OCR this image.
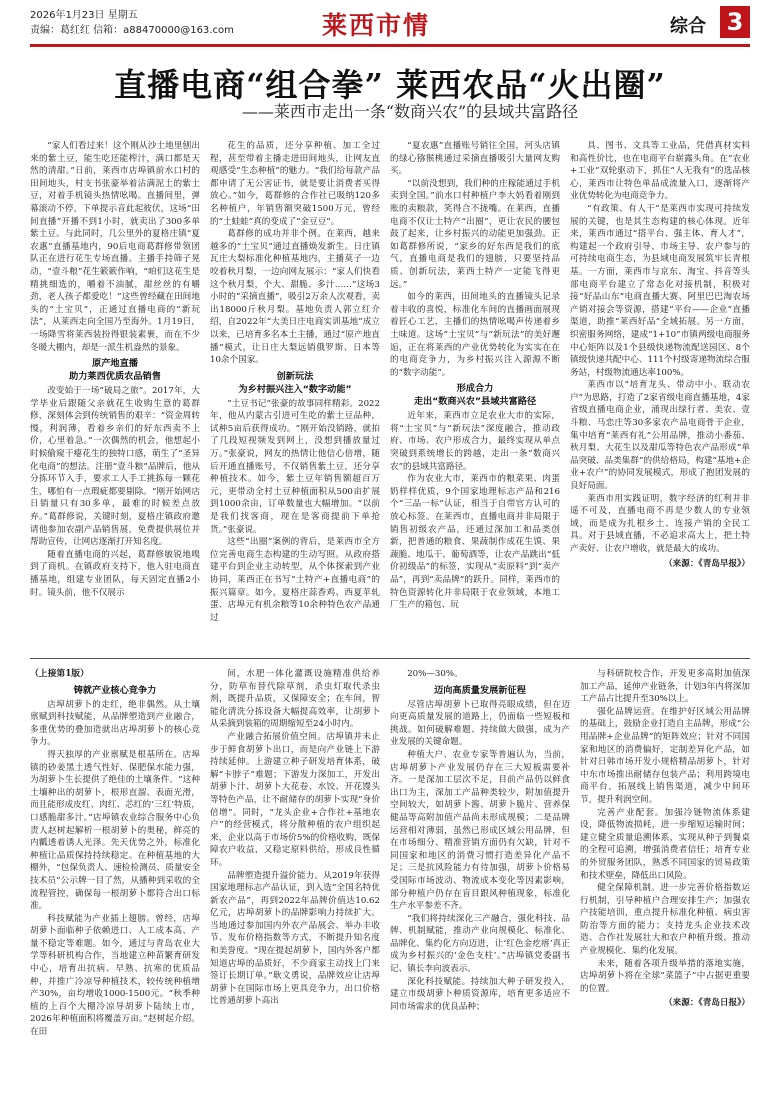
2026年1月23日 星期五
责编：葛红红 信箱：a88470000@163.com	莱西市情	综合 3
直播电商“组合拳” 莱西农品“火出圈”
——莱西市走出一条“数商兴农”的县域共富路径

“家人们看过来！这个刚从沙土地里刨出来的紫土豆，能生吃还能榨汁，满口都是天然的清甜。”日前，莱西市店埠镇前水口村的田间地头，村支书张豪举着沾满泥土的紫土豆，对着手机镜头热情吆喝。直播间里，弹幕滚动不停，下单提示音此起彼伏，这场“田间直播”开播不到1小时，就卖出了300多单紫土豆。与此同时，几公里外的夏格庄镇“夏农惠”直播基地内，90后电商葛群修带领团队正在进行花生专场直播。主播手持筛子晃动，“壹斗粮”花生簌簌作响，“咱们这花生是精挑细选的，嚼着不油腻，甜丝丝的有嚼劲，老人孩子都爱吃！”这些曾经藏在田间地头的“土宝贝”，正通过直播电商的“新玩法”，从莱西走向全国乃至海外。1月19日，一场降雪将莱西装扮得银装素裹，而在不少冬暖大棚内，却是一派生机盎然的景象。

原产地直播
助力莱西优质农品销售

改变始于一场“破局之旅”。2017年，大学毕业后跟随父亲就花生收购生意的葛群修，深刻体会到传统销售的艰辛：“资金周转慢，利润薄，看着乡亲们的好东西卖不上价，心里着急。”一次偶然的机会，他想起小时候偷窥干瘪花生的独特口感，萌生了“圣异化电商”的想法。注册“壹斗粮”品牌后，他从分拣环节入手，要求工人手工挑拣每一颗花生，哪怕有一点瑕疵都要剔除。“刚开始网店日销量只有30多单，最难的时候差点放弃。”葛群修说，关键时刻，夏格庄镇政府邀请他参加农副产品销售展，免费提供展位并帮助宣传，让网店逐渐打开知名度。

随着直播电商的兴起，葛群修敏锐地嗅到了商机。在镇政府支持下，他入驻电商直播基地，组建专业团队，每天固定直播2小时。镜头前，他不仅展示

花生的品质，还分享种植、加工全过程，甚至带着主播走进田间地头，让网友直观感受“生态种植”的魅力。“我们给每款产品都申请了无公害证书，就是要让消费者买得放心。”如今，葛群修的合作社已吸纳120多名种植户，年销售额突破1500万元，曾经的“土蛙蛙”真的变成了“金豆豆”。

葛群修的成功并非个例。在莱西，越来越多的“土宝贝”通过直播焕发新生。日庄镇瓦庄大梨标准化种植基地内，主播莫子一边咬着秋月梨，一边向网友展示：“家人们快看这个秋月梨，个大、甜脆、多汁……”这场3小时的“采摘直播”，吸引2万余人次观看，卖出18000斤秋月梨。基地负责人郭立红介绍，自2022年“大美日庄电商实训基地”成立以来，已培育多名本土主播，通过“原产地直播”模式，让日庄大梨远销俄罗斯、日本等10余个国家。

创新玩法
为乡村振兴注入“数字动能”

“土豆书记”张豪的故事同样精彩。2022年，他从内蒙古引进可生吃的紫土豆品种，试种5亩后获得成功。“刚开始没销路，就拍了几段短视频发到网上，没想到播放量过万。”张豪说，网友的热情让他信心倍增，随后开通直播账号，不仅销售紫土豆，还分享种植技术。如今，紫土豆年销售额超百万元，更带动全村土豆种植面积从500亩扩展到1000余亩，订单数量也大幅增加。“以前是我们找客商，现在是客商提前下单抢货。”张豪说。

这些“出圈”案例的背后，是莱西市全方位完善电商生态构建的生动写照。从政府搭建平台到企业主动转型，从个体探索到产业协同，莱西正在书写“土特产+直播电商”的振兴篇章。如今，夏格庄蒜香鸡、西夏苹轧蛋、店埠元有机余粮等10余种特色农产品通过

“夏农惠”直播账号销往全国，河头店镇的绿心猕猴桃通过采摘直播吸引大量网友购买。

“以前没想到，我们种的庄稼能通过手机卖到全国。”前水口村种植户李大妈看着刚到账的卖粮款，笑得合不拢嘴。在莱西，直播电商不仅让土特产“出圈”，更让农民的腰包鼓了起来，让乡村振兴的动能更加强劲。正如葛群修所说，“家乡的好东西是我们的底气，直播电商是我们的翅膀，只要坚持品质、创新玩法，莱西土特产一定能飞得更远。”

如今的莱西，田间地头的直播镜头记录着丰收的喜悦，标准化车间的直播画面展现着匠心工艺，主播们的热情吆喝声传递着乡土味道。这场“土宝贝”与“新玩法”的美好邂逅，正在将莱西的产业优势转化为实实在在的电商竞争力，为乡村振兴注入源源不断的“数字动能”。

形成合力
走出“数商兴农”县域共富路径

近年来，莱西市立足农业大市的实际，将“土宝贝”与“新玩法”深度融合，推动政府、市场、农户形成合力，最终实现从单点突破到系统增长的跨越，走出一条“数商兴农”的县域共富路径。

作为农业大市，莱西市的粮菜果、肉蛋奶样样优质，9个国家地理标志产品和216个“三品一标”认证，相当于自带官方认可的放心标签。在莱西市，直播电商并非局限于销售初级农产品，还通过深加工和品类创新，把普通的粮食、果蔬制作成花生馍、果蔬脆、地瓜干、葡萄酒等，让农产品跳出“低价初级品”的标签，实现从“卖原料”到“卖产品”，再到“卖品牌”的跃升。同样，莱西市的特色资源转化并非局限于农业领域，本地工厂生产的箱包、玩

具、图书、文具等工业品，凭借真材实料和高性价比，也在电商平台崭露头角。在“农业+工业”双轮驱动下，抓住“人无我有”的选品核心，莱西市让特色单品成流量入口，逐渐将产业优势转化为电商竞争力。

“有政策、有人干”是莱西市实现可持续发展的关键，也是其生态构建的核心体现。近年来，莱西市通过“搭平台、强主体、育人才”，构建起一个政府引导、市场主导、农户参与的可持续电商生态，为县域电商发展筑牢长青根基。一方面，莱西市与京东、淘宝、抖音等头部电商平台建立了常态化对接机制，积极对接“好品山东”电商直播大赛、阿里巴巴淘农场产销对接会等资源，搭建“平台——企业”直播渠道，助推“莱西好品”全域拓展。另一方面，织密服务网络，建成“1+10”市镇两级电商服务中心矩阵以及1个县级快递物流配送园区、8个镇级快递共配中心、111个村级寄递物流综合服务站，村级物流通达率100%。

莱西市以“培育龙头、带动中小、联动农户”为思路，打造了2家省级电商直播基地，4家省级直播电商企业，涌现出绿行者、美农、壹斗粮、马恋庄等30多家农产品电商骨干企业，集中培育“莱西有礼”公用品牌，推动小番茄、秋月梨、大花生以及甜瓜等特色农产品形成“单品突破、品类集群”的供给格局，构建“基地+企业+农户”的协同发展模式，形成了抱团发展的良好局面。

莱西市用实践证明，数字经济的红利并非遥不可及，直播电商不再是少数人的专业领域，而是成为扎根乡土、连接产销的全民工具。对于县域直播，不必追求高大上，把土特产卖好、让农户增收，就是最大的成功。

（来源：《青岛早报》）

（上接第1版）

铸就产业核心竞争力

店埠胡萝卜的走红，绝非偶然。从土壤禀赋到科技赋能，从品牌塑造到产业融合，多重优势的叠加造就出店埠胡萝卜的核心竞争力。

得天独厚的产业禀赋是根基所在。店埠镇的砂姜黑土透气性好、保肥保水能力强，为胡萝卜生长提供了绝佳的土壤条件。“这种土壤种出的胡萝卜，根形直溜、表面光滑，而且能形成皮红、肉红、芯红的‘三红’特质，口感脆甜多汁。”店埠镇农业综合服务中心负责人赵树起解析一根胡萝卜的奥秘，鲜亮的内瓤透着诱人光泽。先天优势之外，标准化种植让品质保持持续稳定。在种植基地的大棚外，“包保负责人、速检检测员、质量安全技术员”公示牌一目了然，从播种到采收的全流程管控，确保每一根胡萝卜都符合出口标准。

科技赋能为产业插上翅膀。曾经，店埠胡萝卜面临种子依赖进口、人工成本高、产量不稳定等难题。如今，通过与青岛农业大学等科研机构合作，当地建立种苗繁育研发中心，培育出抗病、早熟、抗寒的优质品种，并推广冷凉导种植技术，较传统种植增产30%，亩均增收1000-1500元。“秋季种植的上百个大棚冷凉导胡萝卜陆续上市，2026年种植面积将覆盖万亩。”赵树起介绍。在田

间，水肥一体化灌溉设施精准供给养分，防草布替代除草剂，杀虫灯取代杀虫剂，既提升品质，又保障安全；在车间，智能化清洗分拣设备大幅提高效率，让胡萝卜从采摘到装箱的周期缩短至24小时内。

产业融合拓展价值空间。店埠镇并未止步于鲜食胡萝卜出口，而是向产业链上下游持续延伸。上游建立种子研发培育体系，破解“卡脖子”难题；下游发力深加工，开发出胡萝卜汁、胡萝卜大花卷、水饺、开花馒头等特色产品，让不耐储存的胡萝卜实现“身价倍增”。同时，“龙头企业+合作社+基地农户”的经营模式，将分散种植的农户组织起来，企业以高于市场价5%的价格收购，既保障农户收益，又稳定原料供给，形成良性循环。

品牌塑造提升溢价能力。从2019年获得国家地理标志产品认证，到入选“全国名特优新农产品”，再到2022年品牌价值达10.62亿元，店埠胡萝卜的品牌影响力持续扩大。当地通过参加国内外农产品展会、举办丰收节、发布价格指数等方式，不断提升知名度和美誉度。“现在提起胡萝卜，国内外客户都知道店埠的品质好，不少商家主动找上门来签订长期订单。”耿文勇说，品牌效应让店埠胡萝卜在国际市场上更具竞争力，出口价格比普通胡萝卜高出

20%—30%。

迈向高质量发展新征程

尽管店埠胡萝卜已取得亮眼成绩，但在迈向更高质量发展的道路上，仍面临一些短板和挑战。如何破解难题、持续做大做强，成为产业发展的关键命题。

种植大户、农业专家等普遍认为，当前，店埠胡萝卜产业发展仍存在三大短板需要补齐。一是深加工层次不足，目前产品仍以鲜食出口为主，深加工产品种类较少，附加值提升空间较大，如胡萝卜酱、胡萝卜脆片、营养保健品等高附加值产品尚未形成规模；二是品牌运营相对薄弱，虽然已形成区域公用品牌，但在市场细分、精准营销方面仍有欠缺，针对不同国家和地区的消费习惯打造差异化产品不足；三是抗风险能力有待加强，胡萝卜价格易受国际市场波动、物流成本变化等因素影响，部分种植户仍存在盲目跟风种植现象，标准化生产水平参差不齐。

“我们将持续深化三产融合，强化科技、品牌、机制赋能，推动产业向规模化、标准化、品牌化、集约化方向迈进，让‘红色金疙瘩’真正成为乡村振兴的‘金色支柱’。”店埠镇党委副书记、镇长李向波表示。

深化科技赋能。持续加大种子研发投入，建立市级胡萝卜种质资源库，培育更多适应不同市场需求的优良品种；

与科研院校合作，开发更多高附加值深加工产品，延伸产业链条，计划3年内将深加工产品占比提升至30%以上。

强化品牌运营。在维护好区域公用品牌的基础上，鼓励企业打造自主品牌，形成“公用品牌+企业品牌”的矩阵效应；针对不同国家和地区的消费偏好，定制差异化产品，如针对日韩市场开发小规格精品胡萝卜，针对中东市场推出耐储存包装产品；利用跨境电商平台，拓展线上销售渠道，减少中间环节，提升利润空间。

完善产业配套。加强冷链物流体系建设，降低物流损耗，进一步缩短运输时间；建立健全质量追溯体系，实现从种子到餐桌的全程可追溯，增强消费者信任；培育专业的外贸服务团队，熟悉不同国家的贸易政策和技术壁垒，降低出口风险。

健全保障机制。进一步完善价格指数运行机制，引导种植户合理安排生产；加强农户技能培训，重点提升标准化种植、病虫害防治等方面的能力；支持龙头企业技术改造、合作社发展壮大和农户种植升级，推动产业规模化、集约化发展。

未来，随着各项升级举措的落地实施，店埠胡萝卜将在全球“菜篮子”中占据更重要的位置。

（来源：《青岛日报》）
